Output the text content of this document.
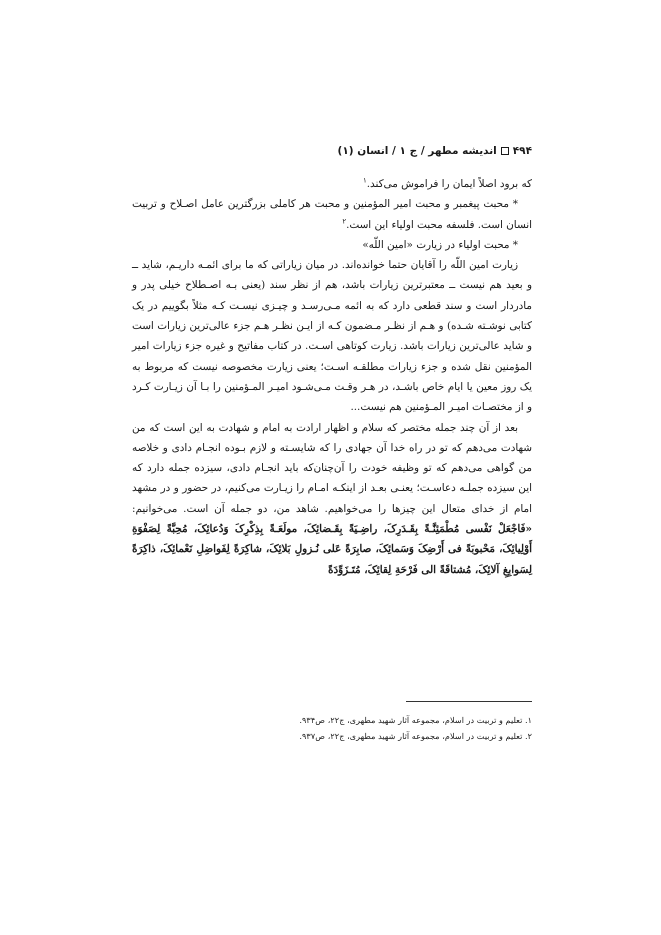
۴۹۴
اندیشه مطهر / ج ۱ / انسان (۱)

که برود اصلاً ایمان را فراموش می‌کند.$^۱$

* محبت پیغمبر و محبت امیر المؤمنین و محبت هر کاملی بزرگترین عامل اصـلاح و تربیت انسان است. فلسفه محبت اولیاء این است.$^۲$

* محبت اولیاء در زیارت «امین اللّه»

زیارت امین اللّه را آقایان حتما خوانده‌اند. در میان زیاراتی که ما برای ائمـه داریـم، شاید ــ و بعید هم نیست ــ معتبرترین زیارات باشد، هم از نظر سند (یعنی بـه اصـطلاح خیلی پدر و مادردار است و سند قطعی دارد که به ائمه مـی‌رسـد و چیـزی نیسـت کـه مثلاً بگوییم در یک کتابی نوشـته شـده) و هـم از نظـر مـضمون کـه از ایـن نظـر هـم جزء عالی‌ترین زیارات است و شاید عالی‌ترین زیارات باشد. زیارت کوتاهی اسـت. در کتاب مفاتیح و غیره جزء زیارات امیر المؤمنین نقل شده و جزء زیارات مطلقـه اسـت؛ یعنی زیارت مخصوصه نیست که مربوط به یک روز معین یا ایام خاص باشـد، در هـر وقـت مـی‌شـود امیـر المـؤمنین را بـا آن زیـارت کـرد و از مختصـات امیـر المـؤمنین هم نیست...

بعد از آن چند جمله مختصر که سلام و اظهار ارادت به امام و شهادت به این است که من شهادت می‌دهم که تو در راه خدا آن جهادی را که شایسـته و لازم بـوده انجـام دادی و خلاصه من گواهی می‌دهم که تو وظیفه خودت را آن‌چنان‌که باید انجـام دادی، سیزده جمله دارد که این سیزده جملـه دعاسـت؛ یعنـی بعـد از اینکـه امـام را زیـارت می‌کنیم، در حضور و در مشهد امام از خدای متعال این چیزها را می‌خواهیم. شاهد من، دو جمله آن است. می‌خوانیم: «فَاجْعَلْ نَفْسی مُطْمَئِنَّـةً بِقَـدَرِکَ، راضِـیَةً بِقَـضائِکَ، مولَعَـةً بِذِکْرِکَ وَدُعائِکَ، مُحِبَّةً لِصَفْوَةِ أَوْلِیائِکَ، مَحْبوبَةً فی أَرْضِکَ وَسَمائِکَ، صابِرَةً عَلی نُـزولِ بَلائِکَ، شاکِرَةً لِفَواضِلِ نَعْمائِکَ، ذاکِرَةً لِسَوابِغِ آلائِکَ، مُشتاقَةً الی فَرْحَةِ لِقائِکَ، مُتَـزَوِّدَةً

۱. تعلیم و تربیت در اسلام، مجموعه آثار شهید مطهری، ج۲۲، ص۹۳۴.

۲. تعلیم و تربیت در اسلام، مجموعه آثار شهید مطهری، ج۲۲، ص۹۳۷.
